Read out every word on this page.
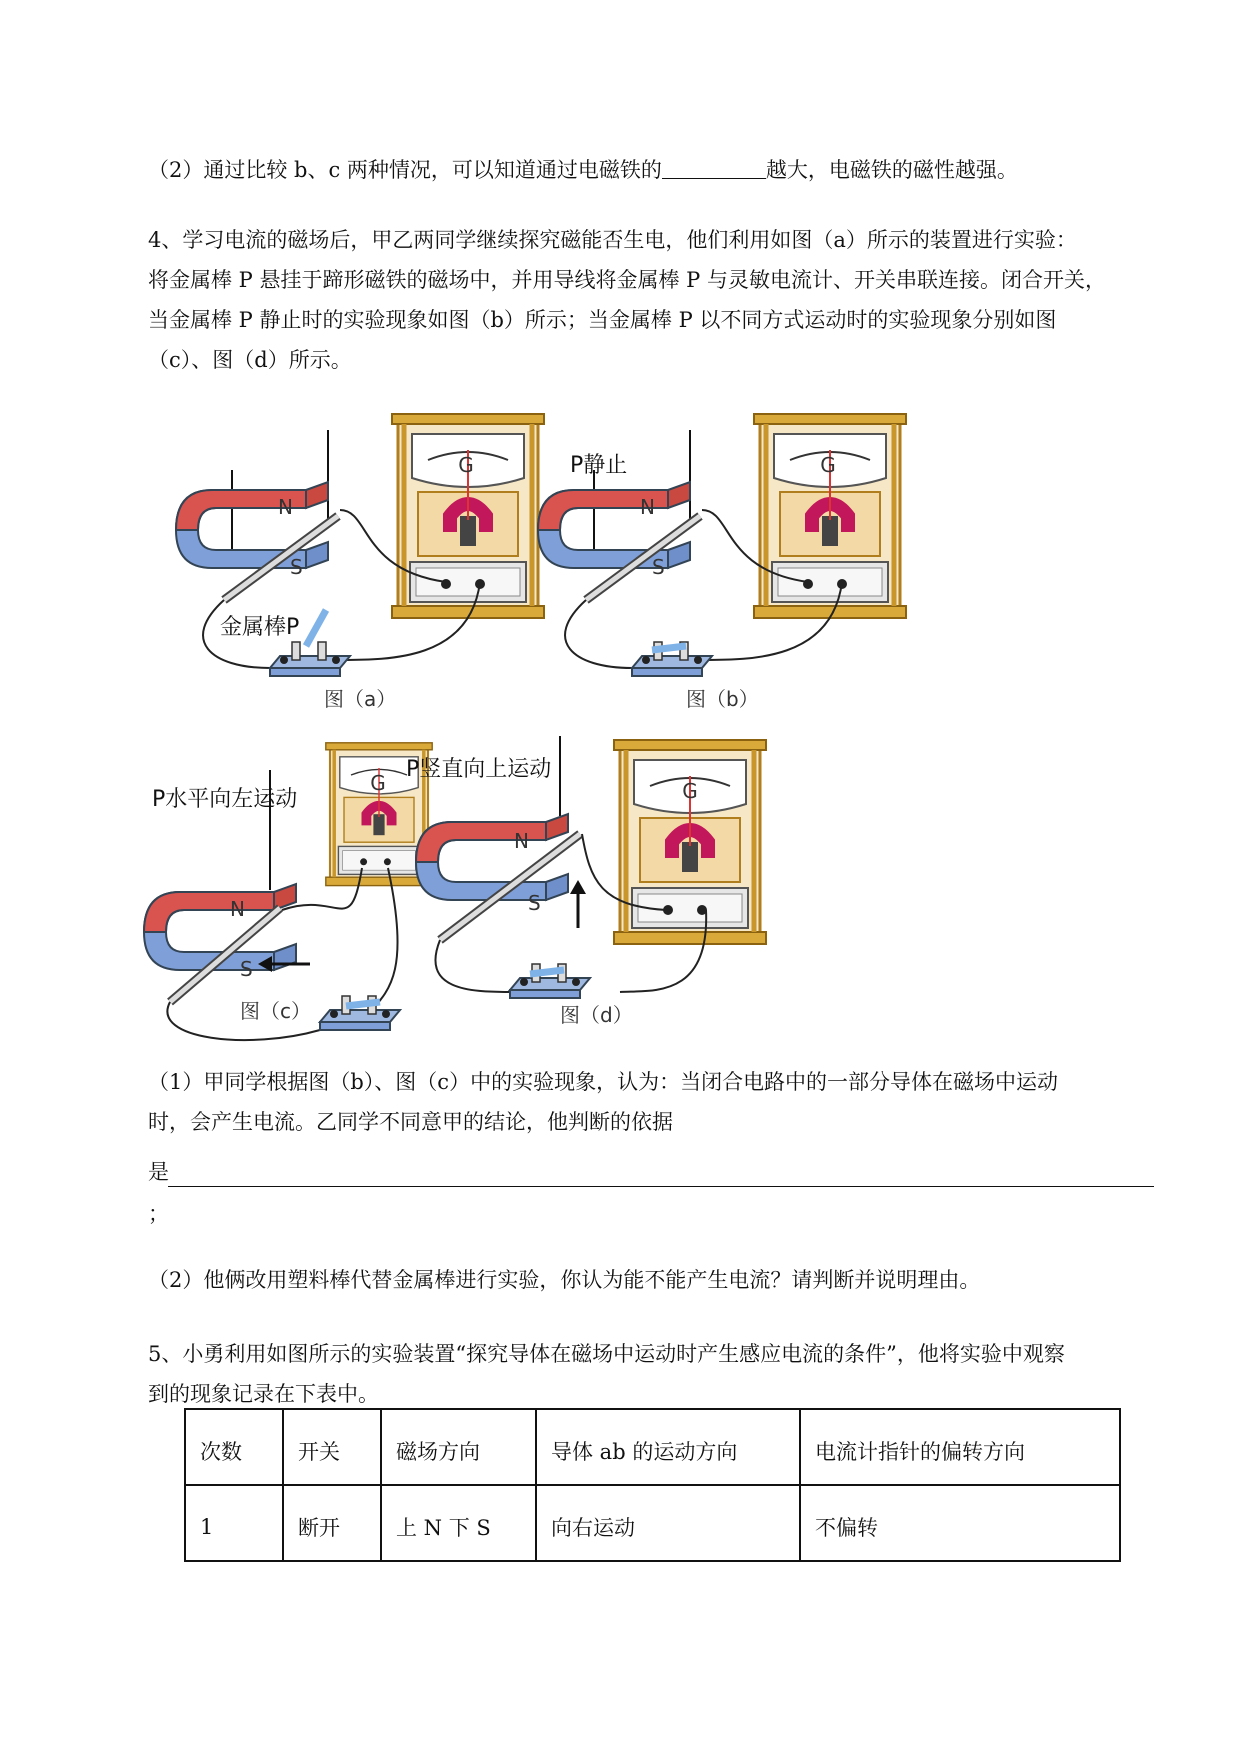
（2）通过比较 b、c 两种情况，可以知道通过电磁铁的	越大，电磁铁的磁性越强。
4、学习电流的磁场后，甲乙两同学继续探究磁能否生电，他们利用如图（a）所示的装置进行实验：
将金属棒 P 悬挂于蹄形磁铁的磁场中，并用导线将金属棒 P 与灵敏电流计、开关串联连接。闭合开关，
当金属棒 P 静止时的实验现象如图（b）所示；当金属棒 P 以不同方式运动时的实验现象分别如图
（c）、图（d）所示。
N
S
G
金属棒P
图（a）
N
S
G
P静止
图（b）
N
S
G
P水平向左运动
图（c）
N
S
G
P竖直向上运动
图（d）
（1）甲同学根据图（b）、图（c）中的实验现象，认为：当闭合电路中的一部分导体在磁场中运动
时，会产生电流。乙同学不同意甲的结论，他判断的依据
是
；
（2）他俩改用塑料棒代替金属棒进行实验，你认为能不能产生电流？请判断并说明理由。
5、小勇利用如图所示的实验装置“探究导体在磁场中运动时产生感应电流的条件”，他将实验中观察
到的现象记录在下表中。
次数	开关	磁场方向	导体 ab 的运动方向	电流计指针的偏转方向
1	断开	上 N 下 S	向右运动	不偏转
